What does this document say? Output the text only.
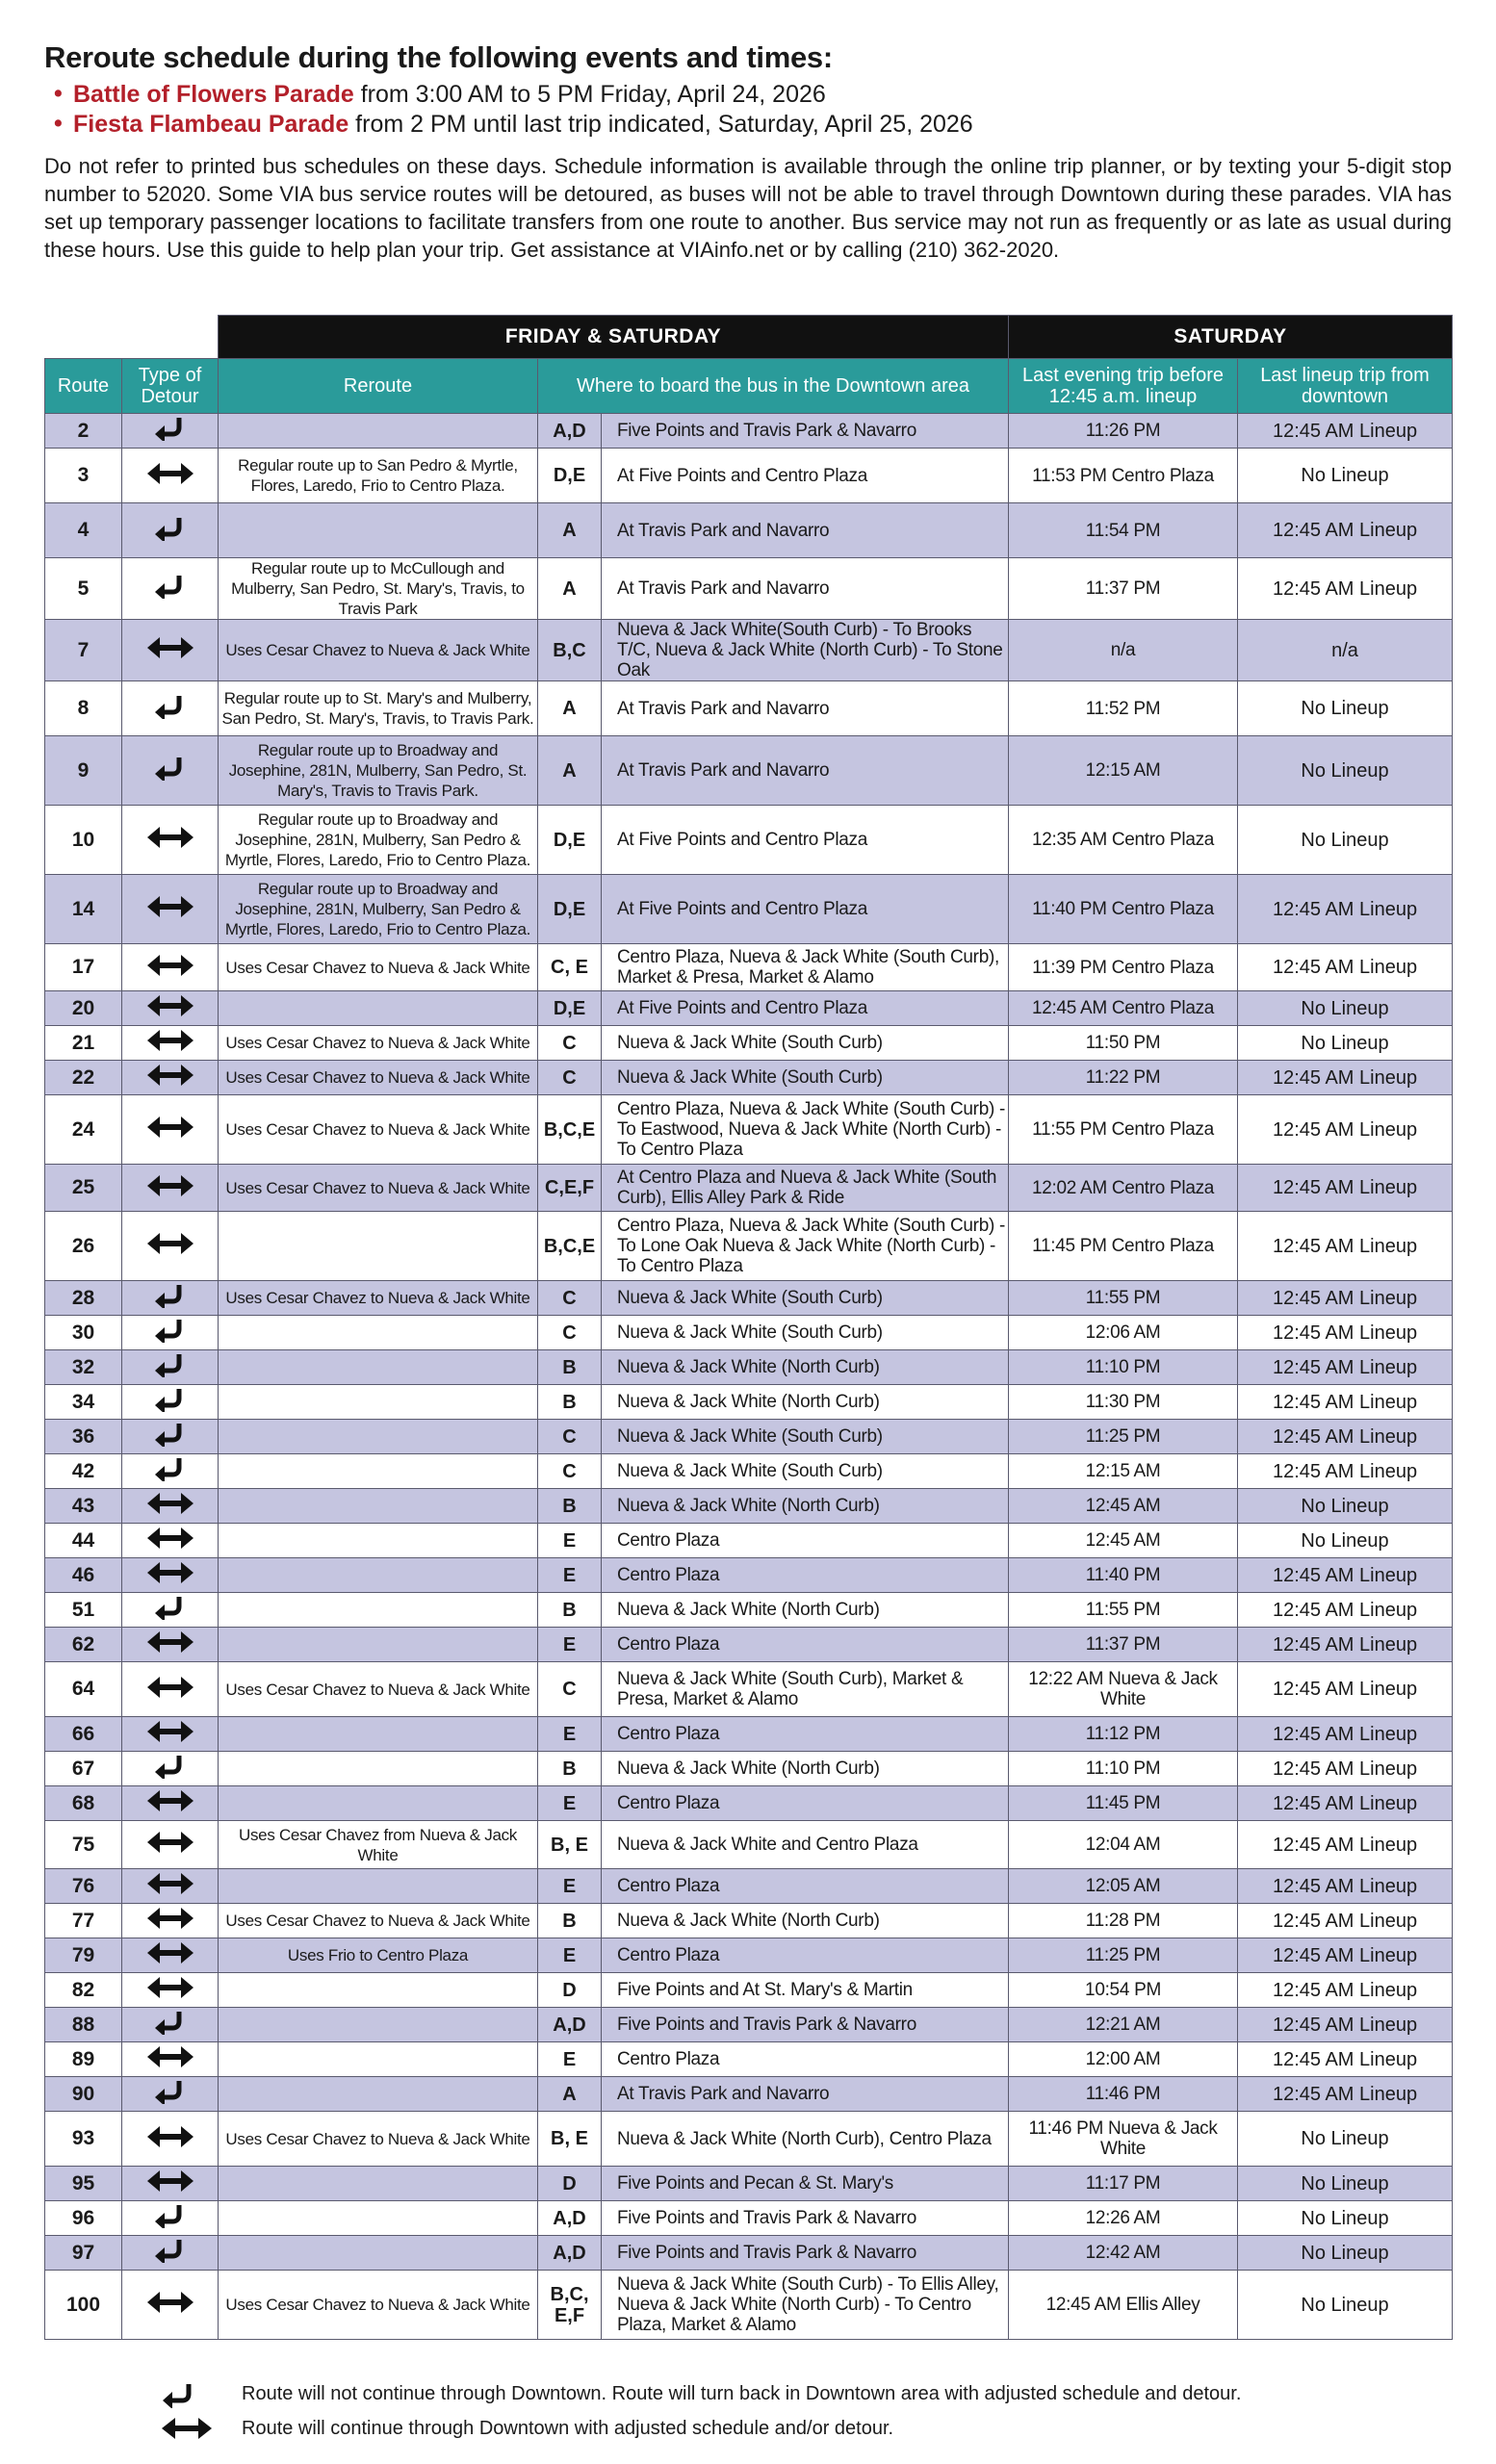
Reroute schedule during the following events and times:
• Battle of Flowers Parade from 3:00 AM to 5 PM Friday, April 24, 2026
• Fiesta Flambeau Parade from 2 PM until last trip indicated, Saturday, April 25, 2026
Do not refer to printed bus schedules on these days. Schedule information is available through the online trip planner, or by texting your 5-digit stop number to 52020. Some VIA bus service routes will be detoured, as buses will not be able to travel through Downtown during these parades. VIA has set up temporary passenger locations to facilitate transfers from one route to another. Bus service may not run as frequently or as late as usual during these hours. Use this guide to help plan your trip. Get assistance at VIAinfo.net or by calling (210) 362-2020.
		FRIDAY & SATURDAY			SATURDAY	
Route	Type of Detour	Reroute	Where to board the bus in the Downtown area		Last evening trip before 12:45 a.m. lineup	Last lineup trip from downtown
2			A,D	Five Points and Travis Park & Navarro	11:26 PM	12:45 AM Lineup
3		Regular route up to San Pedro & Myrtle, Flores, Laredo, Frio to Centro Plaza.	D,E	At Five Points and Centro Plaza	11:53 PM Centro Plaza	No Lineup
4			A	At Travis Park and Navarro	11:54 PM	12:45 AM Lineup
5		Regular route up to McCullough and Mulberry, San Pedro, St. Mary's, Travis, to Travis Park	A	At Travis Park and Navarro	11:37 PM	12:45 AM Lineup
7		Uses Cesar Chavez to Nueva & Jack White	B,C	Nueva & Jack White(South Curb) - To Brooks T/C, Nueva & Jack White (North Curb) - To Stone Oak	n/a	n/a
8		Regular route up to St. Mary's and Mulberry, San Pedro, St. Mary's, Travis, to Travis Park.	A	At Travis Park and Navarro	11:52 PM	No Lineup
9		Regular route up to Broadway and Josephine, 281N, Mulberry, San Pedro, St. Mary's, Travis to Travis Park.	A	At Travis Park and Navarro	12:15 AM	No Lineup
10		Regular route up to Broadway and Josephine, 281N, Mulberry, San Pedro & Myrtle, Flores, Laredo, Frio to Centro Plaza.	D,E	At Five Points and Centro Plaza	12:35 AM Centro Plaza	No Lineup
14		Regular route up to Broadway and Josephine, 281N, Mulberry, San Pedro & Myrtle, Flores, Laredo, Frio to Centro Plaza.	D,E	At Five Points and Centro Plaza	11:40 PM Centro Plaza	12:45 AM Lineup
17		Uses Cesar Chavez to Nueva & Jack White	C, E	Centro Plaza, Nueva & Jack White (South Curb), Market & Presa, Market & Alamo	11:39 PM Centro Plaza	12:45 AM Lineup
20			D,E	At Five Points and Centro Plaza	12:45 AM Centro Plaza	No Lineup
21		Uses Cesar Chavez to Nueva & Jack White	C	Nueva & Jack White (South Curb)	11:50 PM	No Lineup
22		Uses Cesar Chavez to Nueva & Jack White	C	Nueva & Jack White (South Curb)	11:22 PM	12:45 AM Lineup
24		Uses Cesar Chavez to Nueva & Jack White	B,C,E	Centro Plaza, Nueva & Jack White (South Curb) - To Eastwood, Nueva & Jack White (North Curb) - To Centro Plaza	11:55 PM Centro Plaza	12:45 AM Lineup
25		Uses Cesar Chavez to Nueva & Jack White	C,E,F	At Centro Plaza and Nueva & Jack White (South Curb), Ellis Alley Park & Ride	12:02 AM Centro Plaza	12:45 AM Lineup
26			B,C,E	Centro Plaza, Nueva & Jack White (South Curb) - To Lone Oak Nueva & Jack White (North Curb) - To Centro Plaza	11:45 PM Centro Plaza	12:45 AM Lineup
28		Uses Cesar Chavez to Nueva & Jack White	C	Nueva & Jack White (South Curb)	11:55 PM	12:45 AM Lineup
30			C	Nueva & Jack White (South Curb)	12:06 AM	12:45 AM Lineup
32			B	Nueva & Jack White (North Curb)	11:10 PM	12:45 AM Lineup
34			B	Nueva & Jack White (North Curb)	11:30 PM	12:45 AM Lineup
36			C	Nueva & Jack White (South Curb)	11:25 PM	12:45 AM Lineup
42			C	Nueva & Jack White (South Curb)	12:15 AM	12:45 AM Lineup
43			B	Nueva & Jack White (North Curb)	12:45 AM	No Lineup
44			E	Centro Plaza	12:45 AM	No Lineup
46			E	Centro Plaza	11:40 PM	12:45 AM Lineup
51			B	Nueva & Jack White (North Curb)	11:55 PM	12:45 AM Lineup
62			E	Centro Plaza	11:37 PM	12:45 AM Lineup
64		Uses Cesar Chavez to Nueva & Jack White	C	Nueva & Jack White (South Curb), Market & Presa, Market & Alamo	12:22 AM Nueva & Jack White	12:45 AM Lineup
66			E	Centro Plaza	11:12 PM	12:45 AM Lineup
67			B	Nueva & Jack White (North Curb)	11:10 PM	12:45 AM Lineup
68			E	Centro Plaza	11:45 PM	12:45 AM Lineup
75		Uses Cesar Chavez from Nueva & Jack White	B, E	Nueva & Jack White and Centro Plaza	12:04 AM	12:45 AM Lineup
76			E	Centro Plaza	12:05 AM	12:45 AM Lineup
77		Uses Cesar Chavez to Nueva & Jack White	B	Nueva & Jack White (North Curb)	11:28 PM	12:45 AM Lineup
79		Uses Frio to Centro Plaza	E	Centro Plaza	11:25 PM	12:45 AM Lineup
82			D	Five Points and At St. Mary's & Martin	10:54 PM	12:45 AM Lineup
88			A,D	Five Points and Travis Park & Navarro	12:21 AM	12:45 AM Lineup
89			E	Centro Plaza	12:00 AM	12:45 AM Lineup
90			A	At Travis Park and Navarro	11:46 PM	12:45 AM Lineup
93		Uses Cesar Chavez to Nueva & Jack White	B, E	Nueva & Jack White (North Curb), Centro Plaza	11:46 PM Nueva & Jack White	No Lineup
95			D	Five Points and Pecan & St. Mary's	11:17 PM	No Lineup
96			A,D	Five Points and Travis Park & Navarro	12:26 AM	No Lineup
97			A,D	Five Points and Travis Park & Navarro	12:42 AM	No Lineup
100		Uses Cesar Chavez to Nueva & Jack White	B,C, E,F	Nueva & Jack White (South Curb) - To Ellis Alley, Nueva & Jack White (North Curb) - To Centro Plaza, Market & Alamo	12:45 AM Ellis Alley	No Lineup
Route will not continue through Downtown. Route will turn back in Downtown area with adjusted schedule and detour.
Route will continue through Downtown with adjusted schedule and/or detour.
